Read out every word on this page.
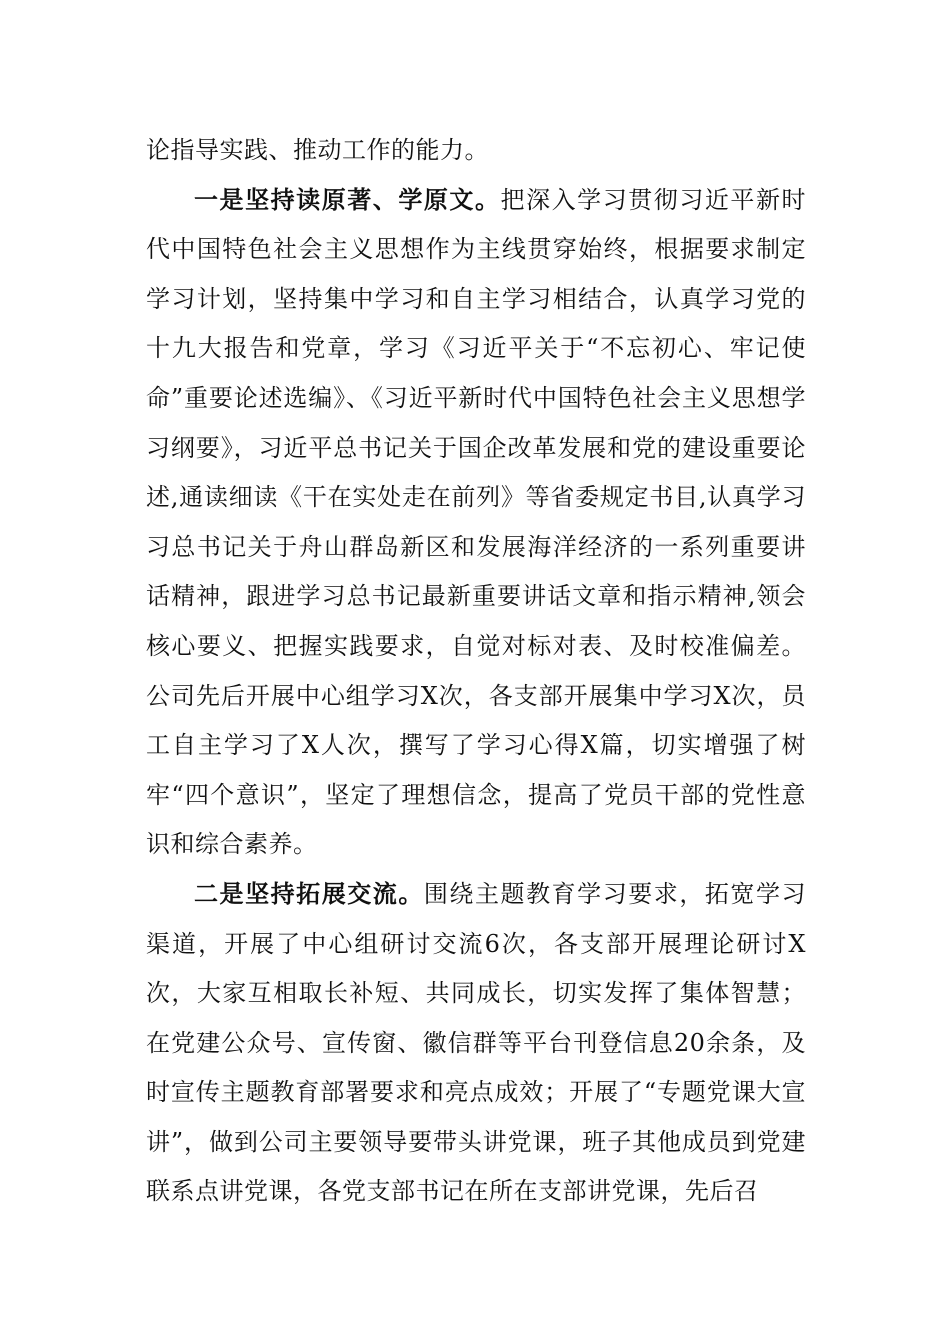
论指导实践、推动工作的能力。

一是坚持读原著、学原文。把深入学习贯彻习近平新时代中国特色社会主义思想作为主线贯穿始终，根据要求制定学习计划，坚持集中学习和自主学习相结合，认真学习党的十九大报告和党章，学习《习近平关于“不忘初心、牢记使命”重要论述选编》、《习近平新时代中国特色社会主义思想学习纲要》，习近平总书记关于国企改革发展和党的建设重要论述,通读细读《干在实处走在前列》等省委规定书目,认真学习习总书记关于舟山群岛新区和发展海洋经济的一系列重要讲话精神，跟进学习总书记最新重要讲话文章和指示精神,领会核心要义、把握实践要求，自觉对标对表、及时校准偏差。公司先后开展中心组学习X次，各支部开展集中学习X次，员工自主学习了X人次，撰写了学习心得X篇，切实增强了树牢“四个意识”，坚定了理想信念，提高了党员干部的党性意识和综合素养。

二是坚持拓展交流。围绕主题教育学习要求，拓宽学习渠道，开展了中心组研讨交流6次，各支部开展理论研讨X次，大家互相取长补短、共同成长，切实发挥了集体智慧；在党建公众号、宣传窗、徽信群等平台刊登信息20余条，及时宣传主题教育部署要求和亮点成效；开展了“专题党课大宣讲”，做到公司主要领导要带头讲党课，班子其他成员到党建联系点讲党课，各党支部书记在所在支部讲党课，先后召
